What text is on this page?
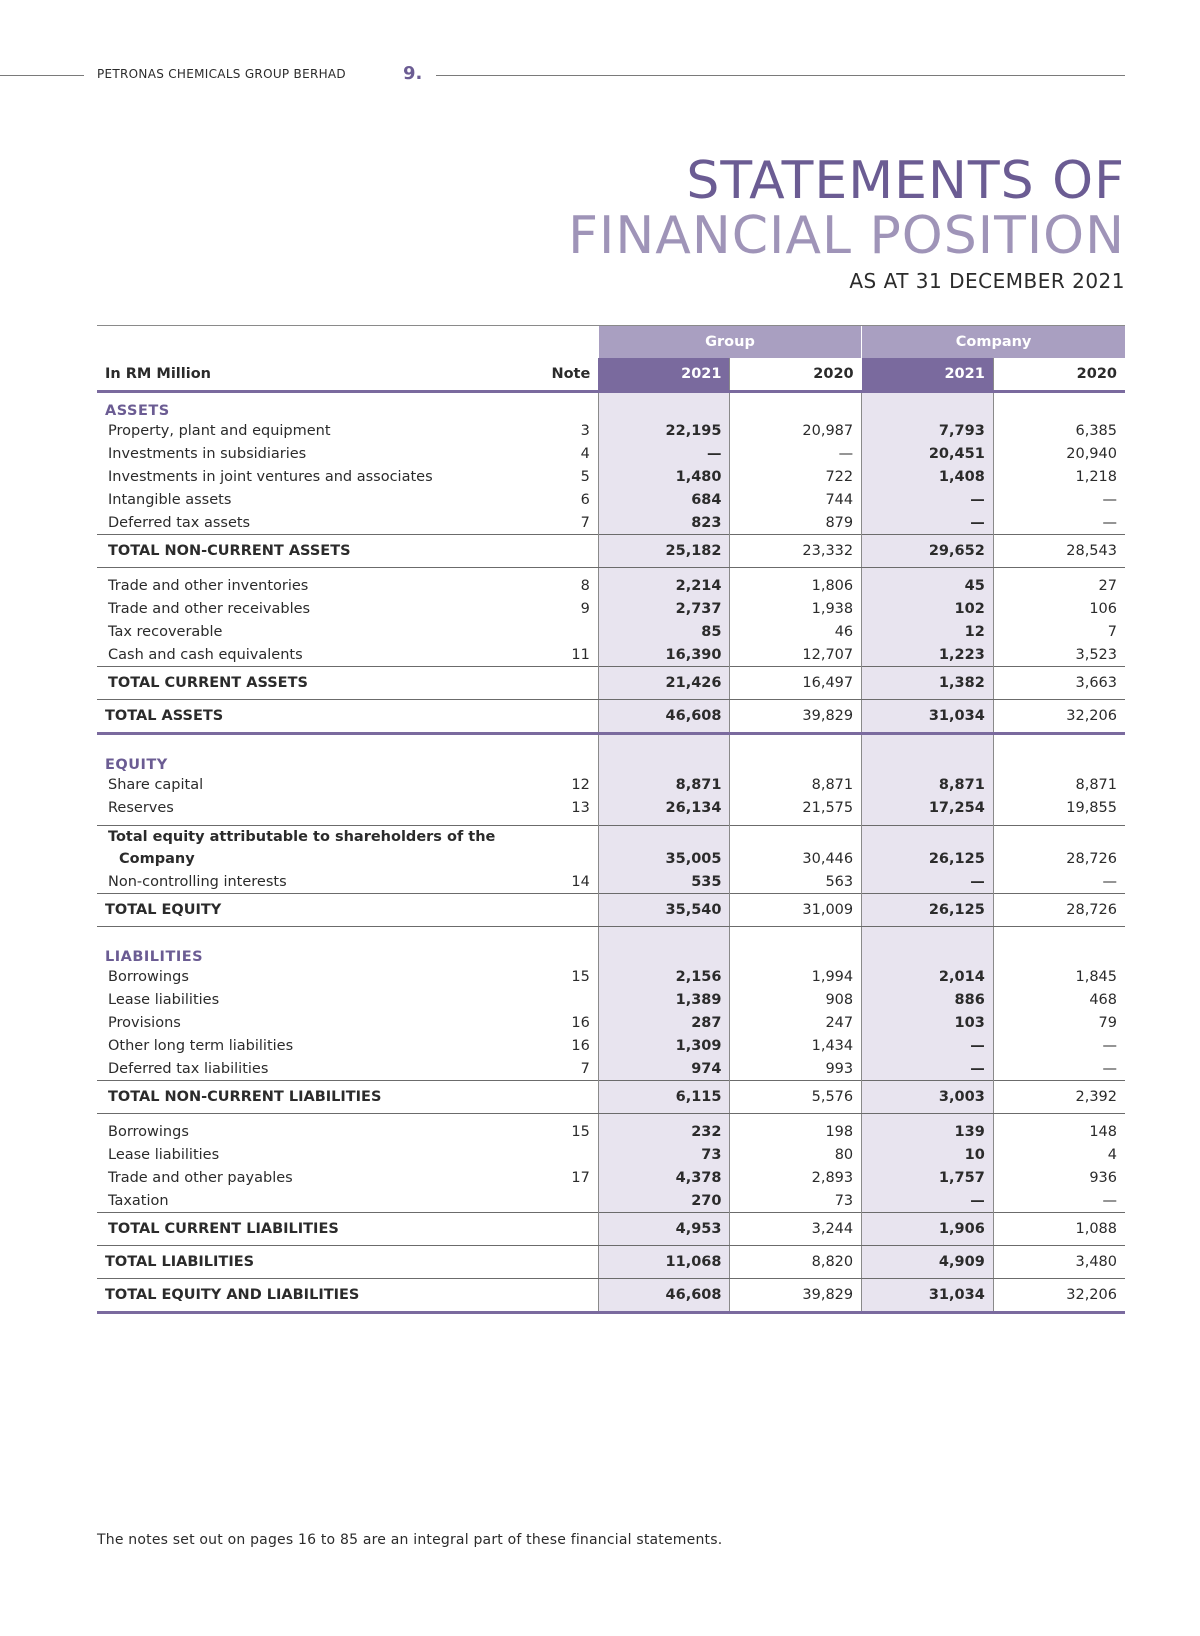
PETRONAS CHEMICALS GROUP BERHAD	9.
STATEMENTS OF
FINANCIAL POSITION
AS AT 31 DECEMBER 2021
		Group		Company	
In RM Million	Note	2021	2020	2021	2020
ASSETS					
Property, plant and equipment	3	22,195	20,987	7,793	6,385
Investments in subsidiaries	4	—	—	20,451	20,940
Investments in joint ventures and associates	5	1,480	722	1,408	1,218
Intangible assets	6	684	744	—	—
Deferred tax assets	7	823	879	—	—
TOTAL NON-CURRENT ASSETS		25,182	23,332	29,652	28,543

Trade and other inventories	8	2,214	1,806	45	27
Trade and other receivables	9	2,737	1,938	102	106
Tax recoverable		85	46	12	7
Cash and cash equivalents	11	16,390	12,707	1,223	3,523
TOTAL CURRENT ASSETS		21,426	16,497	1,382	3,663
TOTAL ASSETS		46,608	39,829	31,034	32,206

EQUITY					
Share capital	12	8,871	8,871	8,871	8,871
Reserves	13	26,134	21,575	17,254	19,855

Total equity attributable to shareholders of the					
Company		35,005	30,446	26,125	28,726
Non-controlling interests	14	535	563	—	—
TOTAL EQUITY		35,540	31,009	26,125	28,726

LIABILITIES					
Borrowings	15	2,156	1,994	2,014	1,845
Lease liabilities		1,389	908	886	468
Provisions	16	287	247	103	79
Other long term liabilities	16	1,309	1,434	—	—
Deferred tax liabilities	7	974	993	—	—
TOTAL NON-CURRENT LIABILITIES		6,115	5,576	3,003	2,392

Borrowings	15	232	198	139	148
Lease liabilities		73	80	10	4
Trade and other payables	17	4,378	2,893	1,757	936
Taxation		270	73	—	—
TOTAL CURRENT LIABILITIES		4,953	3,244	1,906	1,088
TOTAL LIABILITIES		11,068	8,820	4,909	3,480
TOTAL EQUITY AND LIABILITIES		46,608	39,829	31,034	32,206
The notes set out on pages 16 to 85 are an integral part of these financial statements.
